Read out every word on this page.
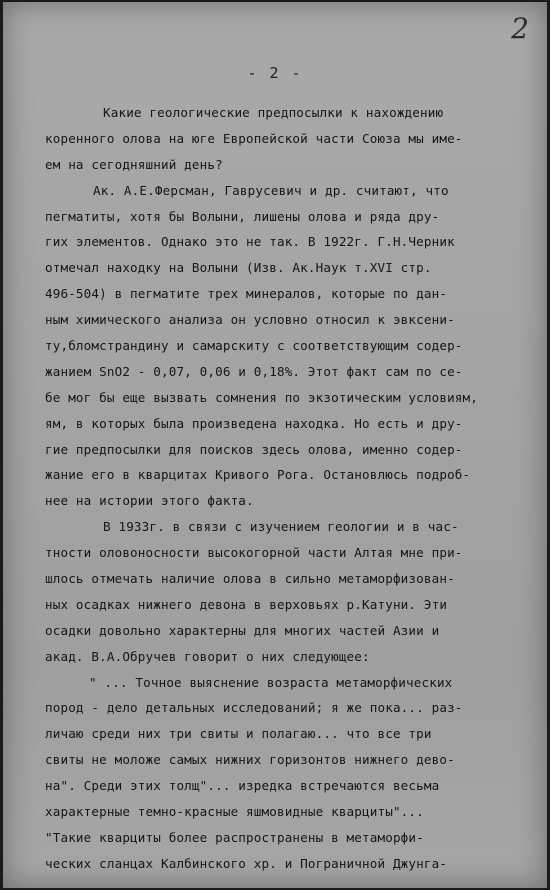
2
- 2 -
Какие геологические предпосылки к нахождению
коренного олова на юге Европейской части Союза мы име-
ем на сегодняшний день?
Ак. А.Е.Ферсман, Гаврусевич и др. считают, что
пегматиты, хотя бы Волыни, лишены олова и ряда дру-
гих элементов. Однако это не так. В 1922г. Г.Н.Черник
отмечал находку на Волыни (Изв. Ак.Наук т.XVI стр.
496-504) в пегматите трех минералов, которые по дан-
ным химического анализа он условно относил к эвксени-
ту,бломстрандину и самарскиту с соответствующим содер-
жанием SnO2 - 0,07, 0,06 и 0,18%. Этот факт сам по се-
бе мог бы еще вызвать сомнения по экзотическим условиям,
ям, в которых была произведена находка. Но есть и дру-
гие предпосылки для поисков здесь олова, именно содер-
жание его в кварцитах Кривого Рога. Остановлюсь подроб-
нее на истории этого факта.
В 1933г. в связи с изучением геологии и в час-
тности оловоносности высокогорной части Алтая мне при-
шлось отмечать наличие олова в сильно метаморфизован-
ных осадках нижнего девона в верховьях р.Катуни. Эти
осадки довольно характерны для многих частей Азии и
акад. В.А.Обручев говорит о них следующее:
" ... Точное выяснение возраста метаморфических
пород - дело детальных исследований; я же пока... раз-
личаю среди них три свиты и полагаю... что все три
свиты не моложе самых нижних горизонтов нижнего дево-
на". Среди этих толщ"... изредка встречаются весьма
характерные темно-красные яшмовидные кварциты"...
"Такие кварциты более распространены в метаморфи-
ческих сланцах Калбинского хр. и Пограничной Джунга-
